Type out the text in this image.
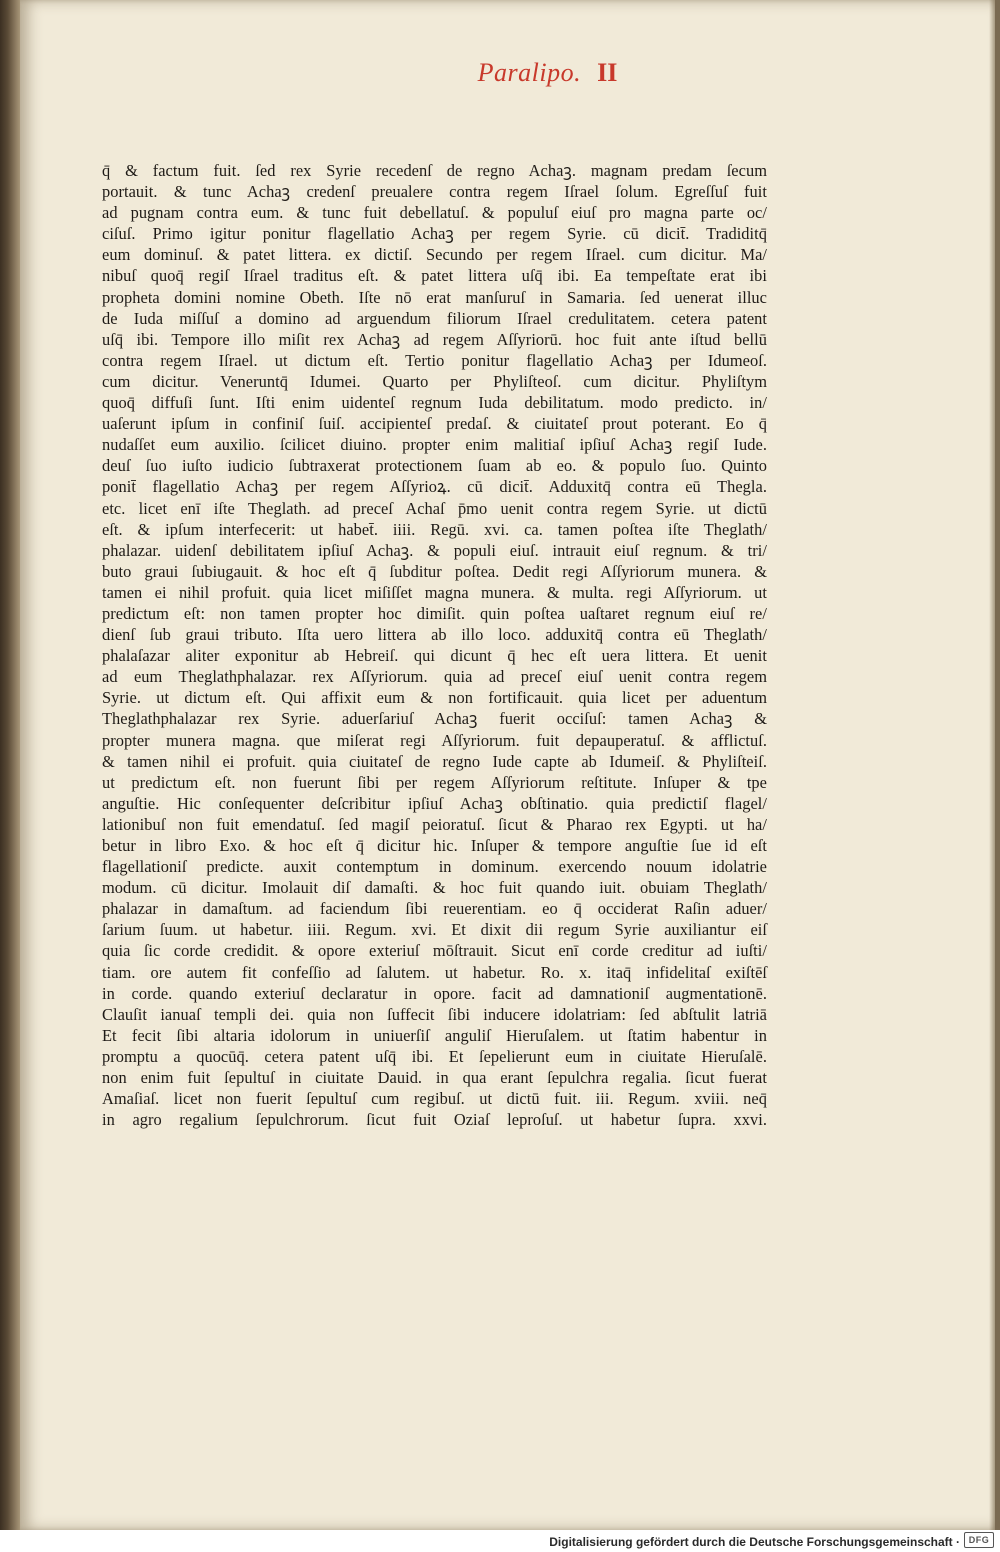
Paralipo. II
q̄ & factum fuit. ſed rex Syrie recedenſ de regno Achaꝫ. magnam predam ſecum
portauit. & tunc Achaꝫ credenſ preualere contra regem Iſrael ſolum. Egreſſuſ fuit
ad pugnam contra eum. & tunc fuit debellatuſ. & populuſ eiuſ pro magna parte oc/
ciſuſ. Primo igitur ponitur flagellatio Achaꝫ per regem Syrie. cū dicit̄. Tradiditq̄
eum dominuſ. & patet littera. ex dictiſ. Secundo per regem Iſrael. cum dicitur. Ma/
nibuſ quoq̄ regiſ Iſrael traditus eſt. & patet littera uſq̄ ibi. Ea tempeſtate erat ibi
propheta domini nomine Obeth. Iſte nō erat manſuruſ in Samaria. ſed uenerat illuc
de Iuda miſſuſ a domino ad arguendum filiorum Iſrael credulitatem. cetera patent
uſq̄ ibi. Tempore illo miſit rex Achaꝫ ad regem Aſſyriorū. hoc fuit ante iſtud bellū
contra regem Iſrael. ut dictum eſt. Tertio ponitur flagellatio Achaꝫ per Idumeoſ.
cum dicitur. Veneruntq̄ Idumei. Quarto per Phyliſteoſ. cum dicitur. Phyliſtym
quoq̄ diffuſi ſunt. Iſti enim uidenteſ regnum Iuda debilitatum. modo predicto. in/
uaſerunt ipſum in confiniſ ſuiſ. accipienteſ predaſ. & ciuitateſ prout poterant. Eo q̄
nudaſſet eum auxilio. ſcilicet diuino. propter enim malitiaſ ipſiuſ Achaꝫ regiſ Iude.
deuſ ſuo iuſto iudicio ſubtraxerat protectionem ſuam ab eo. & populo ſuo. Quinto
ponit̄ flagellatio Achaꝫ per regem Aſſyrioꝝ. cū dicit̄. Adduxitq̄ contra eū Thegla.
etc. licet enī iſte Theglath. ad preceſ Achaſ p̄mo uenit contra regem Syrie. ut dictū
eſt. & ipſum interfecerit: ut habet̄. iiii. Regū. xvi. ca. tamen poſtea iſte Theglath/
phalazar. uidenſ debilitatem ipſiuſ Achaꝫ. & populi eiuſ. intrauit eiuſ regnum. & tri/
buto graui ſubiugauit. & hoc eſt q̄ ſubditur poſtea. Dedit regi Aſſyriorum munera. &
tamen ei nihil profuit. quia licet miſiſſet magna munera. & multa. regi Aſſyriorum. ut
predictum eſt: non tamen propter hoc dimiſit. quin poſtea uaſtaret regnum eiuſ re/
dienſ ſub graui tributo. Iſta uero littera ab illo loco. adduxitq̄ contra eū Theglath/
phalaſazar aliter exponitur ab Hebreiſ. qui dicunt q̄ hec eſt uera littera. Et uenit
ad eum Theglathphalazar. rex Aſſyriorum. quia ad preceſ eiuſ uenit contra regem
Syrie. ut dictum eſt. Qui affixit eum & non fortificauit. quia licet per aduentum
Theglathphalazar rex Syrie. aduerſariuſ Achaꝫ fuerit occiſuſ: tamen Achaꝫ &
propter munera magna. que miſerat regi Aſſyriorum. fuit depauperatuſ. & afflictuſ.
& tamen nihil ei profuit. quia ciuitateſ de regno Iude capte ab Idumeiſ. & Phyliſteiſ.
ut predictum eſt. non fuerunt ſibi per regem Aſſyriorum reſtitute. Inſuper & tpe
anguſtie. Hic conſequenter deſcribitur ipſiuſ Achaꝫ obſtinatio. quia predictiſ flagel/
lationibuſ non fuit emendatuſ. ſed magiſ peioratuſ. ſicut & Pharao rex Egypti. ut ha/
betur in libro Exo. & hoc eſt q̄ dicitur hic. Inſuper & tempore anguſtie ſue id eſt
flagellationiſ predicte. auxit contemptum in dominum. exercendo nouum idolatrie
modum. cū dicitur. Imolauit diſ damaſti. & hoc fuit quando iuit. obuiam Theglath/
phalazar in damaſtum. ad faciendum ſibi reuerentiam. eo q̄ occiderat Raſin aduer/
ſarium ſuum. ut habetur. iiii. Regum. xvi. Et dixit dii regum Syrie auxiliantur eiſ
quia ſic corde credidit. & opore exteriuſ mōſtrauit. Sicut enī corde creditur ad iuſti/
tiam. ore autem fit confeſſio ad ſalutem. ut habetur. Ro. x. itaq̄ infidelitaſ exiſtēſ
in corde. quando exteriuſ declaratur in opore. facit ad damnationiſ augmentationē.
Clauſit ianuaſ templi dei. quia non ſuffecit ſibi inducere idolatriam: ſed abſtulit latriā
Et fecit ſibi altaria idolorum in uniuerſiſ anguliſ Hieruſalem. ut ſtatim habentur in
promptu a quocūq̄. cetera patent uſq̄ ibi. Et ſepelierunt eum in ciuitate Hieruſalē.
non enim fuit ſepultuſ in ciuitate Dauid. in qua erant ſepulchra regalia. ſicut fuerat
Amaſiaſ. licet non fuerit ſepultuſ cum regibuſ. ut dictū fuit. iii. Regum. xviii. neq̄
in agro regalium ſepulchrorum. ſicut fuit Oziaſ leproſuſ. ut habetur ſupra. xxvi.
Digitalisierung gefördert durch die Deutsche Forschungsgemeinschaft · DFG
